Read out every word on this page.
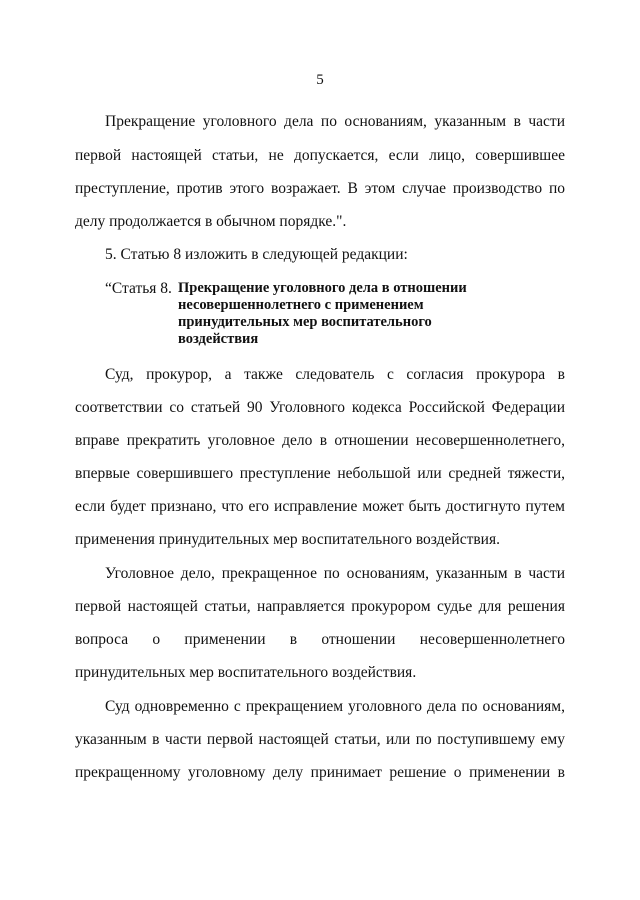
5
Прекращение уголовного дела по основаниям, указанным в части
первой настоящей статьи, не допускается, если лицо, совершившее
преступление, против этого возражает. В этом случае производство по
делу продолжается в обычном порядке.".
5. Статью 8 изложить в следующей редакции:
“Статья 8. Прекращение уголовного дела в отношении
несовершеннолетнего с применением
принудительных мер воспитательного
воздействия
Суд, прокурор, а также следователь с согласия прокурора в
соответствии со статьей 90 Уголовного кодекса Российской Федерации
вправе прекратить уголовное дело в отношении несовершеннолетнего,
впервые совершившего преступление небольшой или средней тяжести,
если будет признано, что его исправление может быть достигнуто путем
применения принудительных мер воспитательного воздействия.
Уголовное дело, прекращенное по основаниям, указанным в части
первой настоящей статьи, направляется прокурором судье для решения
вопроса о применении в отношении несовершеннолетнего
принудительных мер воспитательного воздействия.
Суд одновременно с прекращением уголовного дела по основаниям,
указанным в части первой настоящей статьи, или по поступившему ему
прекращенному уголовному делу принимает решение о применении в
